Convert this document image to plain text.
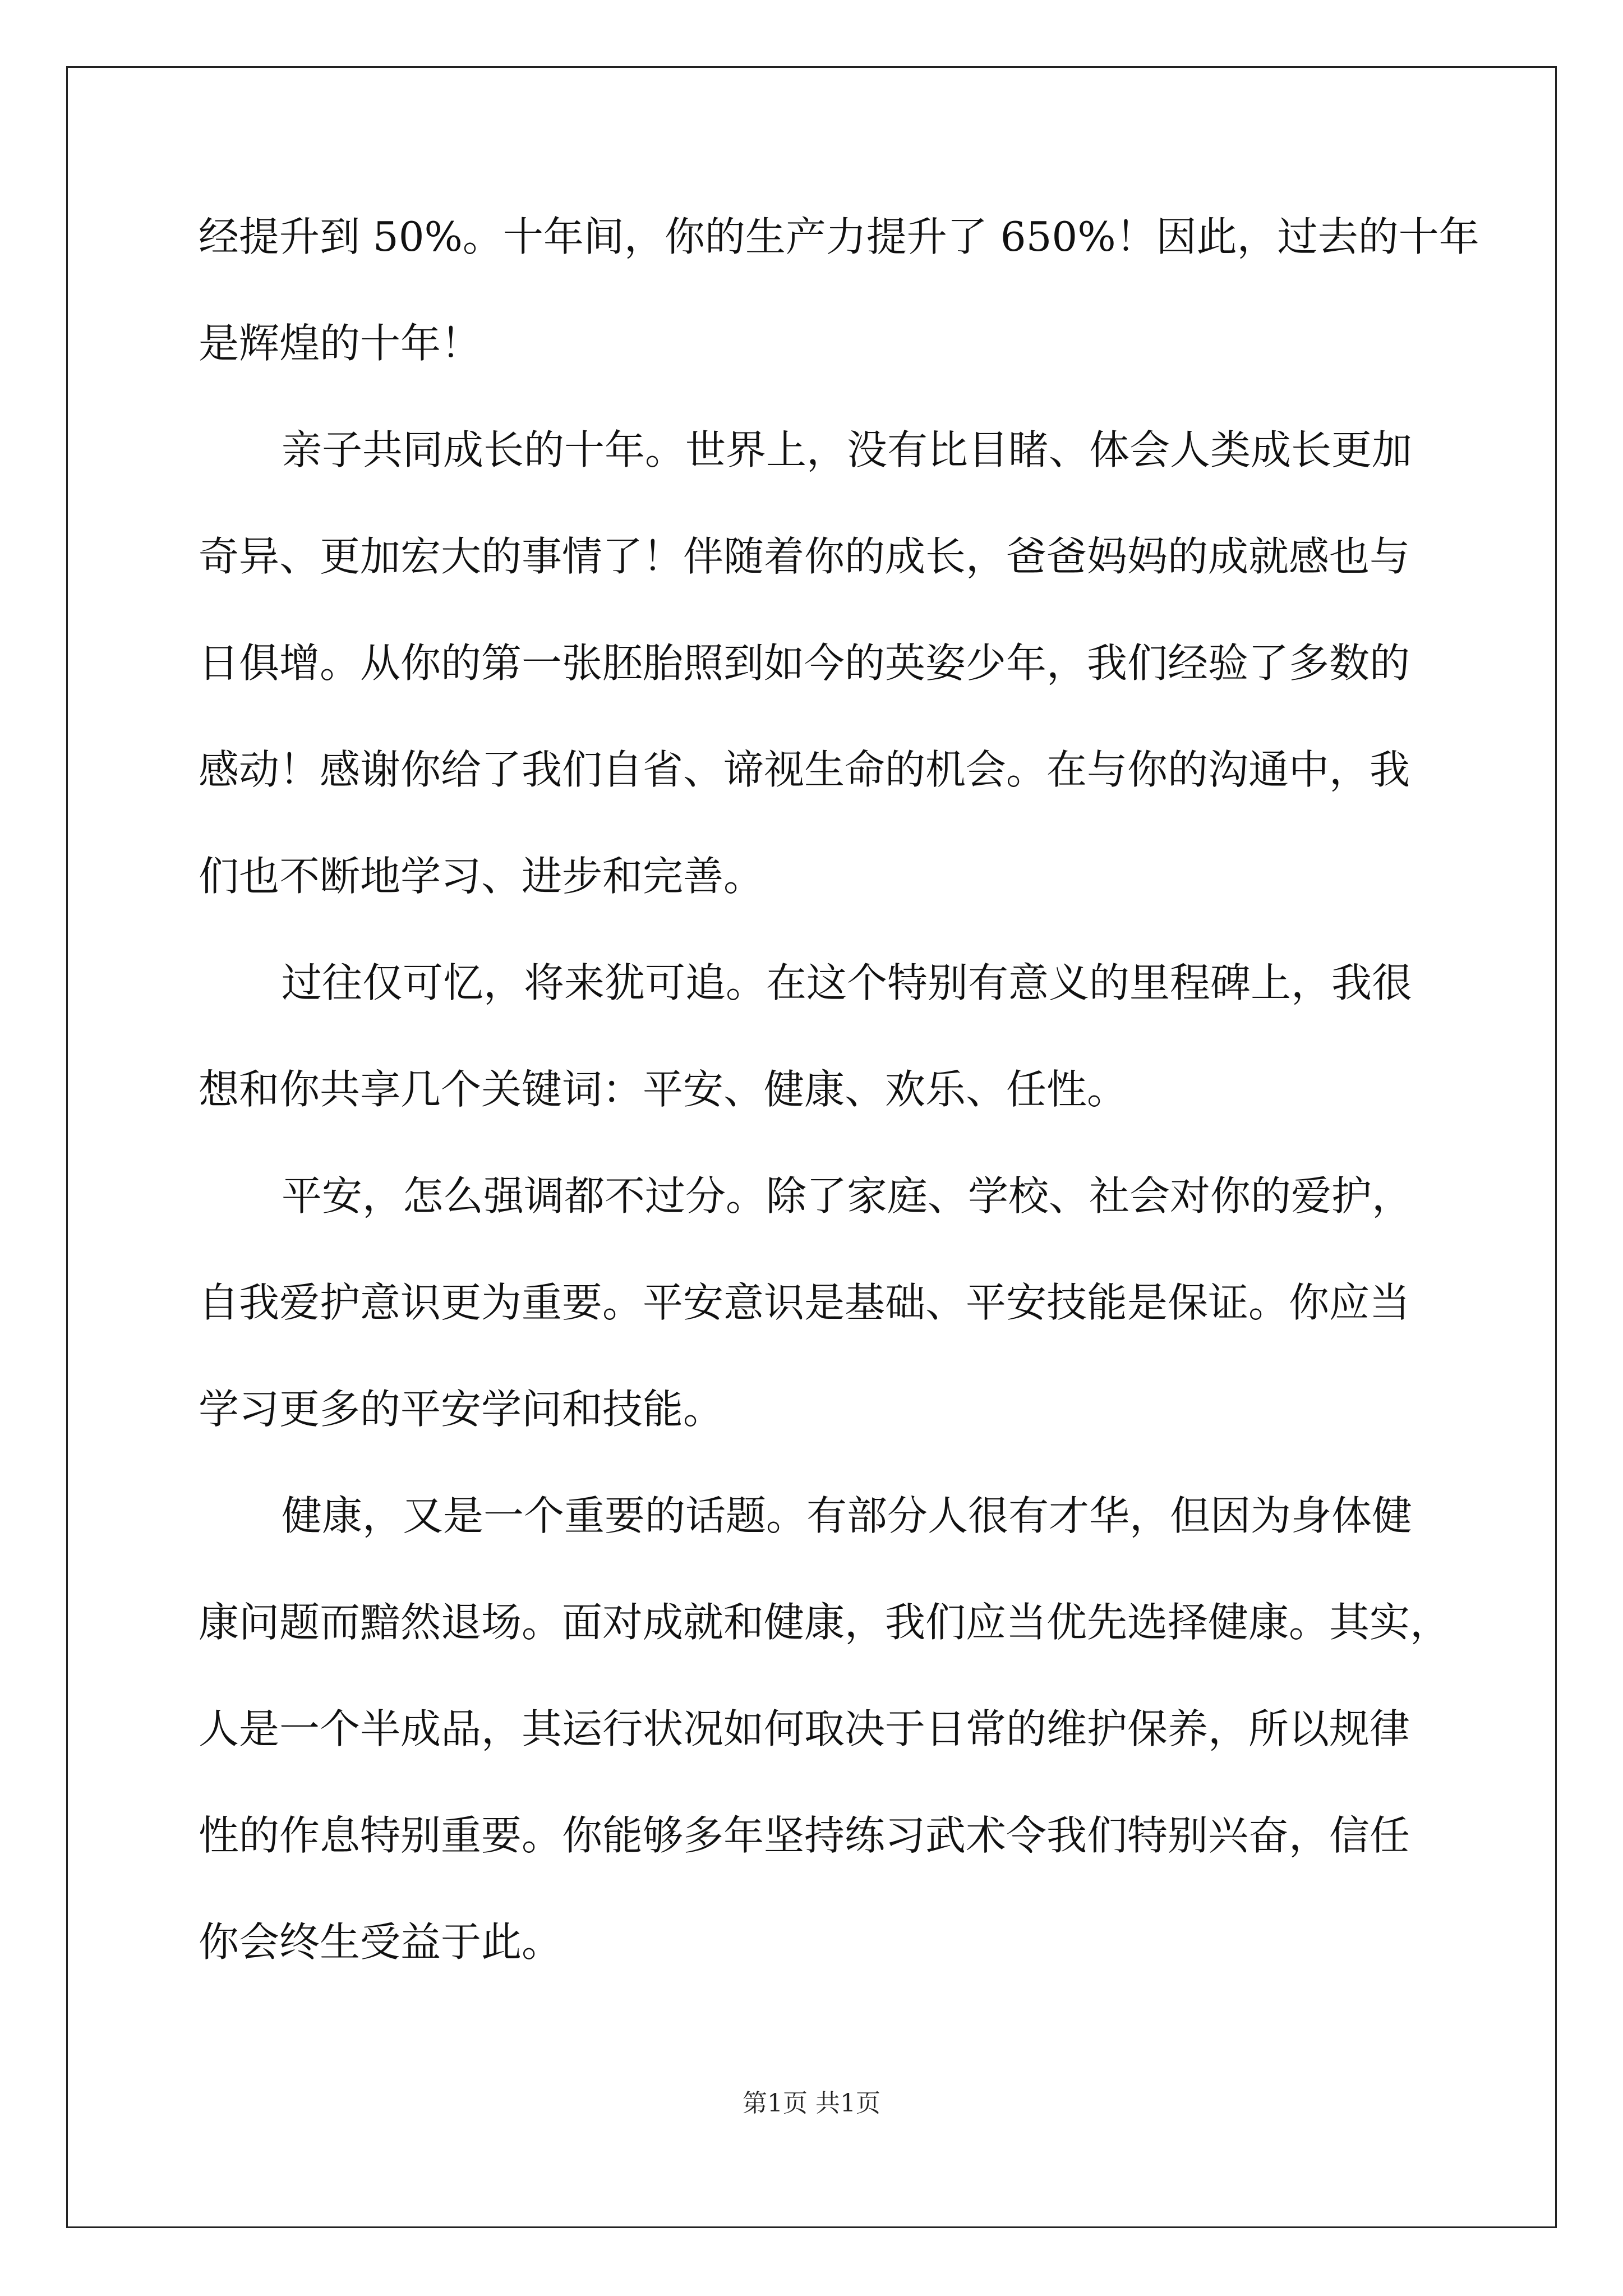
经提升到 50%。十年间，你的生产力提升了 650%！因此，过去的十年
是辉煌的十年！
亲子共同成长的十年。世界上，没有比目睹、体会人类成长更加
奇异、更加宏大的事情了！伴随着你的成长，爸爸妈妈的成就感也与
日俱增。从你的第一张胚胎照到如今的英姿少年，我们经验了多数的
感动！感谢你给了我们自省、谛视生命的机会。在与你的沟通中，我
们也不断地学习、进步和完善。
过往仅可忆，将来犹可追。在这个特别有意义的里程碑上，我很
想和你共享几个关键词：平安、健康、欢乐、任性。
平安，怎么强调都不过分。除了家庭、学校、社会对你的爱护，
自我爱护意识更为重要。平安意识是基础、平安技能是保证。你应当
学习更多的平安学问和技能。
健康，又是一个重要的话题。有部分人很有才华，但因为身体健
康问题而黯然退场。面对成就和健康，我们应当优先选择健康。其实，
人是一个半成品，其运行状况如何取决于日常的维护保养，所以规律
性的作息特别重要。你能够多年坚持练习武术令我们特别兴奋，信任
你会终生受益于此。
第1页 共1页
